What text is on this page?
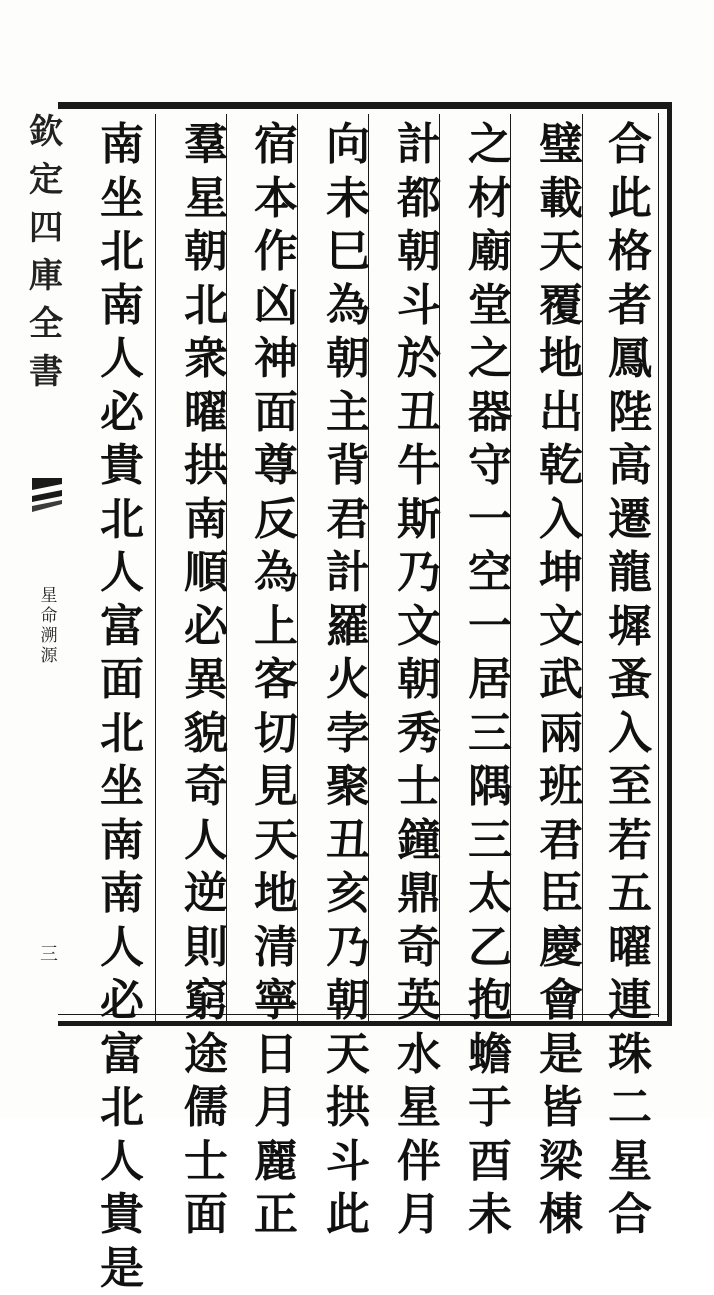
欽
定
四
庫
全
書
星
命
溯
源
三
合
此
格
者
鳳
陛
高
遷
龍
墀
蚤
入
至
若
五
曜
連
珠
二
星
合
璧
載
天
覆
地
出
乾
入
坤
文
武
兩
班
君
臣
慶
會
是
皆
梁
棟
之
材
廟
堂
之
器
守
一
空
一
居
三
隅
三
太
乙
抱
蟾
于
酉
未
計
都
朝
斗
於
丑
牛
斯
乃
文
朝
秀
士
鐘
鼎
奇
英
水
星
伴
月
向
未
巳
為
朝
主
背
君
計
羅
火
孛
聚
丑
亥
乃
朝
天
拱
斗
此
宿
本
作
凶
神
面
尊
反
為
上
客
切
見
天
地
清
寧
日
月
麗
正
羣
星
朝
北
衆
曜
拱
南
順
必
異
貌
奇
人
逆
則
窮
途
儒
士
面
南
坐
北
南
人
必
貴
北
人
富
面
北
坐
南
南
人
必
富
北
人
貴
是
